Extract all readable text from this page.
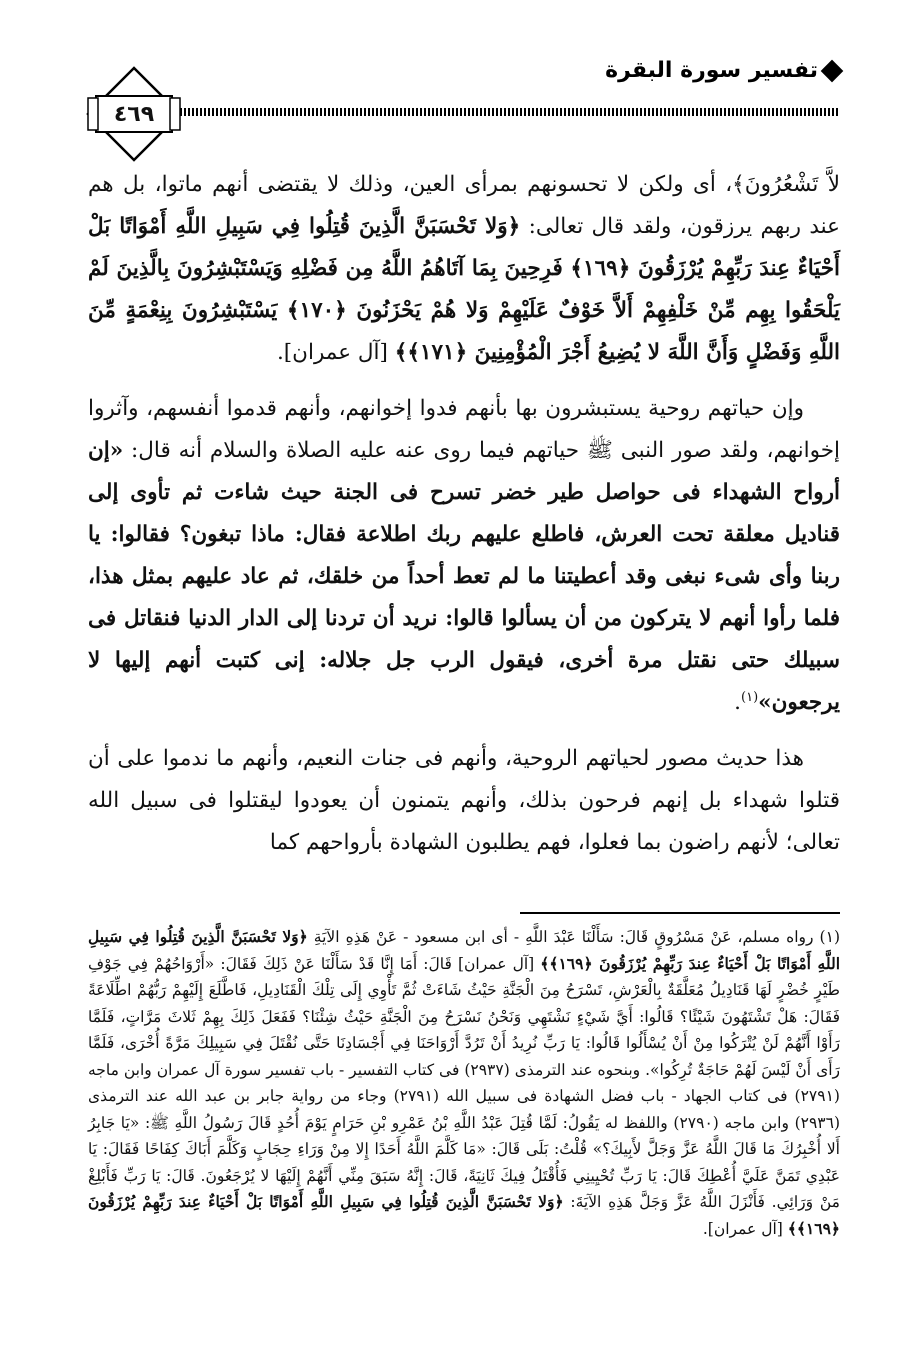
تفسير سورة البقرة
٤٦٩

لاَّ تَشْعُرُونَ﴾، أى ولكن لا تحسونهم بمرأى العين، وذلك لا يقتضى أنهم ماتوا، بل هم عند ربهم يرزقون، ولقد قال تعالى: ﴿وَلا تَحْسَبَنَّ الَّذِينَ قُتِلُوا فِي سَبِيلِ اللَّهِ أَمْوَاتًا بَلْ أَحْيَاءٌ عِندَ رَبِّهِمْ يُرْزَقُونَ ﴿١٦٩﴾ فَرِحِينَ بِمَا آتَاهُمُ اللَّهُ مِن فَضْلِهِ وَيَسْتَبْشِرُونَ بِالَّذِينَ لَمْ يَلْحَقُوا بِهِم مِّنْ خَلْفِهِمْ أَلاَّ خَوْفٌ عَلَيْهِمْ وَلا هُمْ يَحْزَنُونَ ﴿١٧٠﴾ يَسْتَبْشِرُونَ بِنِعْمَةٍ مِّنَ اللَّهِ وَفَضْلٍ وَأَنَّ اللَّهَ لا يُضِيعُ أَجْرَ الْمُؤْمِنِينَ ﴿١٧١﴾﴾ [آل عمران].

وإن حياتهم روحية يستبشرون بها بأنهم فدوا إخوانهم، وأنهم قدموا أنفسهم، وآثروا إخوانهم، ولقد صور النبى ﷺ حياتهم فيما روى عنه عليه الصلاة والسلام أنه قال: «إن أرواح الشهداء فى حواصل طير خضر تسرح فى الجنة حيث شاءت ثم تأوى إلى قناديل معلقة تحت العرش، فاطلع عليهم ربك اطلاعة فقال: ماذا تبغون؟ فقالوا: يا ربنا وأى شىء نبغى وقد أعطيتنا ما لم تعط أحداً من خلقك، ثم عاد عليهم بمثل هذا، فلما رأوا أنهم لا يتركون من أن يسألوا قالوا: نريد أن تردنا إلى الدار الدنيا فنقاتل فى سبيلك حتى نقتل مرة أخرى، فيقول الرب جل جلاله: إنى كتبت أنهم إليها لا يرجعون»$^{(١)}$.

هذا حديث مصور لحياتهم الروحية، وأنهم فى جنات النعيم، وأنهم ما ندموا على أن قتلوا شهداء بل إنهم فرحون بذلك، وأنهم يتمنون أن يعودوا ليقتلوا فى سبيل الله تعالى؛ لأنهم راضون بما فعلوا، فهم يطلبون الشهادة بأرواحهم كما

(١) رواه مسلم، عَنْ مَسْرُوقٍ قَالَ: سَأَلْنَا عَبْدَ اللَّهِ - أى ابن مسعود - عَنْ هَذِهِ الآيَةِ ﴿وَلا تَحْسَبَنَّ الَّذِينَ قُتِلُوا فِي سَبِيلِ اللَّهِ أَمْوَاتًا بَلْ أَحْيَاءٌ عِندَ رَبِّهِمْ يُرْزَقُونَ ﴿١٦٩﴾﴾ [آل عمران] قَالَ: أَمَا إِنَّا قَدْ سَأَلْنَا عَنْ ذَلِكَ فَقَالَ: «أَرْوَاحُهُمْ فِي جَوْفِ طَيْرٍ خُضْرٍ لَهَا قَنَادِيلُ مُعَلَّقَةٌ بِالْعَرْشِ، تَسْرَحُ مِنَ الْجَنَّةِ حَيْثُ شَاءَتْ ثُمَّ تَأْوِي إِلَى تِلْكَ الْقَنَادِيلِ، فَاطَّلَعَ إِلَيْهِمْ رَبُّهُمْ اطِّلَاعَةً فَقَالَ: هَلْ تَشْتَهُونَ شَيْئًا؟ قَالُوا: أَيَّ شَيْءٍ نَشْتَهِي وَنَحْنُ نَسْرَحُ مِنَ الْجَنَّةِ حَيْثُ شِئْنَا؟ فَفَعَلَ ذَلِكَ بِهِمْ ثَلاثَ مَرَّاتٍ، فَلَمَّا رَأَوْا أَنَّهُمْ لَنْ يُتْرَكُوا مِنْ أَنْ يُسْأَلُوا قَالُوا: يَا رَبِّ نُرِيدُ أَنْ تَرُدَّ أَرْوَاحَنَا فِي أَجْسَادِنَا حَتَّى نُقْتَلَ فِي سَبِيلِكَ مَرَّةً أُخْرَى، فَلَمَّا رَأَى أَنْ لَيْسَ لَهُمْ حَاجَةٌ تُرِكُوا». وبنحوه عند الترمذى (٢٩٣٧) فى كتاب التفسير - باب تفسير سورة آل عمران وابن ماجه (٢٧٩١) فى كتاب الجهاد - باب فضل الشهادة فى سبيل الله (٢٧٩١) وجاء من رواية جابر بن عبد الله عند الترمذى (٢٩٣٦) وابن ماجه (٢٧٩٠) واللفظ له يَقُولُ: لَمَّا قُتِلَ عَبْدُ اللَّهِ بْنُ عَمْرِو بْنِ حَرَامٍ يَوْمَ أُحُدٍ قَالَ رَسُولُ اللَّهِ ﷺ: «يَا جَابِرُ أَلا أُخْبِرُكَ مَا قَالَ اللَّهُ عَزَّ وَجَلَّ لأَبِيكَ؟» قُلْتُ: بَلَى قَالَ: «مَا كَلَّمَ اللَّهُ أَحَدًا إِلا مِنْ وَرَاءِ حِجَابٍ وَكَلَّمَ أَبَاكَ كِفَاحًا فَقَالَ: يَا عَبْدِي تَمَنَّ عَلَيَّ أُعْطِكَ قَالَ: يَا رَبِّ تُحْيِينِي فَأُقْتَلُ فِيكَ ثَانِيَةً، قَالَ: إِنَّهُ سَبَقَ مِنِّي أَنَّهُمْ إِلَيْهَا لا يُرْجَعُونَ. قَالَ: يَا رَبِّ فَأَبْلِغْ مَنْ وَرَائِي. فَأَنْزَلَ اللَّهُ عَزَّ وَجَلَّ هَذِهِ الآيَةَ: ﴿وَلا تَحْسَبَنَّ الَّذِينَ قُتِلُوا فِي سَبِيلِ اللَّهِ أَمْوَاتًا بَلْ أَحْيَاءٌ عِندَ رَبِّهِمْ يُرْزَقُونَ ﴿١٦٩﴾﴾ [آل عمران].
